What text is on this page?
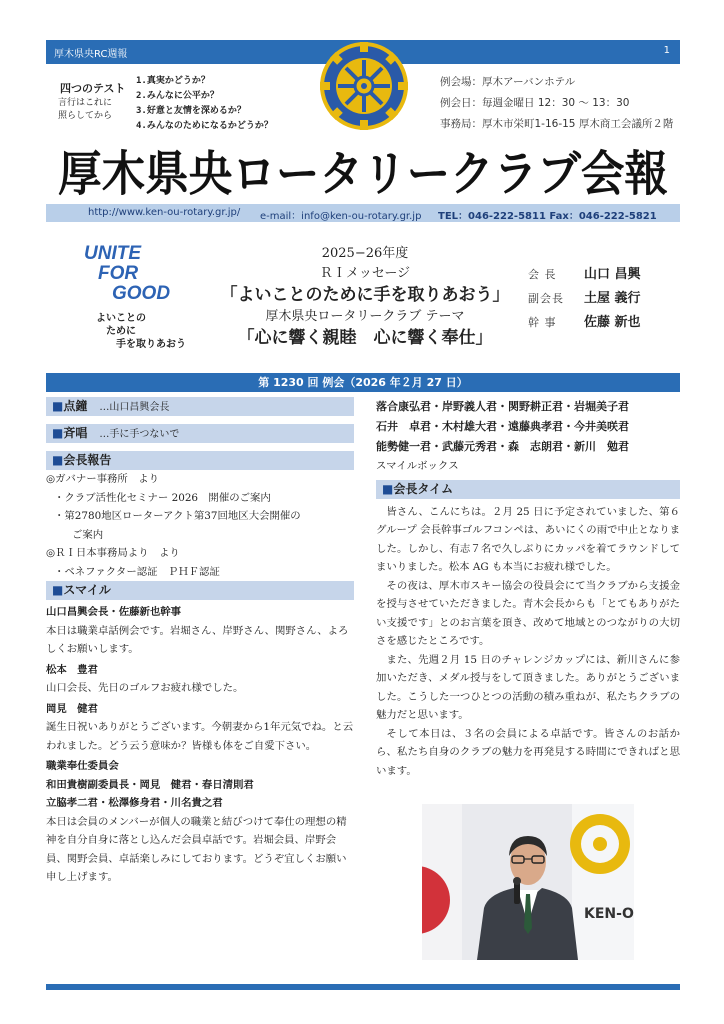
厚木県央RC週報	1
四つのテスト
言行はこれに
照らしてから
1.真実かどうか？
2.みんなに公平か？
3.好意と友情を深めるか？
4.みんなのためになるかどうか？
例会場：厚木アーバンホテル
例会日：毎週金曜日 12：30 〜 13：30
事務局：厚木市栄町1-16-15 厚木商工会議所２階
厚木県央ロータリークラブ会報
http://www.ken-ou-rotary.gr.jp/ e‐mail：info@ken-ou-rotary.gr.jp TEL：046-222-5811 Fax：046-222-5821
UNITE
FOR
GOOD
よいことの
ために
手を取りあおう
2025−26年度
ＲＩメッセージ
「よいことのために手を取りあおう」
厚木県央ロータリークラブ テーマ
「心に響く親睦　心に響く奉仕」
会 長 山口 昌興
副会長 土屋 義行
幹 事 佐藤 新也
第 1230 回 例会（2026 年２月 27 日）
■点鐘　 …山口昌興会長
■斉唱　 …手に手つないで
■会長報告
◎ガバナー事務所　より
・クラブ活性化セミナー 2026　開催のご案内
・第2780地区ローターアクト第37回地区大会開催の
ご案内
◎ＲＩ日本事務局より　より
・ベネファクター認証　ＰＨＦ認証
■スマイル
山口昌興会長・佐藤新也幹事
本日は職業卓話例会です。岩堀さん、岸野さん、関野さん、よろしくお願いします。
松本　豊君
山口会長、先日のゴルフお疲れ様でした。
岡見　健君
誕生日祝いありがとうございます。今朝妻から1年元気でね。と云われました。どう云う意味か？皆様も体をご自愛下さい。
職業奉仕委員会
和田貴樹副委員長・岡見　健君・春日清則君
立脇孝二君・松澤修身君・川名貴之君
本日は会員のメンバーが個人の職業と結びつけて奉仕の理想の精神を自分自身に落とし込んだ会員卓話です。岩堀会員、岸野会員、関野会員、卓話楽しみにしております。どうぞ宜しくお願い申し上げます。
落合康弘君・岸野義人君・関野耕正君・岩堀美子君
石井　卓君・木村雄大君・遠藤典孝君・今井美咲君
能勢健一君・武藤元秀君・森　志朗君・新川　勉君
スマイルボックス
■会長タイム
皆さん、こんにちは。２月 25 日に予定されていました、第６グループ 会長幹事ゴルフコンペは、あいにくの雨で中止となりました。しかし、有志７名で久しぶりにカッパを着てラウンドしてまいりました。松本 AG も本当にお疲れ様でした。
その夜は、厚木市スキー協会の役員会にて当クラブから支援金を授与させていただきました。青木会長からも「とてもありがたい支援です」とのお言葉を頂き、改めて地域とのつながりの大切さを感じたところです。
また、先週２月 15 日のチャレンジカップには、新川さんに参加いただき、メダル授与をして頂きました。ありがとうございました。こうした一つひとつの活動の積み重ねが、私たちクラブの魅力だと思います。
そして本日は、３名の会員による卓話です。皆さんのお話から、私たち自身のクラブの魅力を再発見する時間にできればと思います。
KEN-O
